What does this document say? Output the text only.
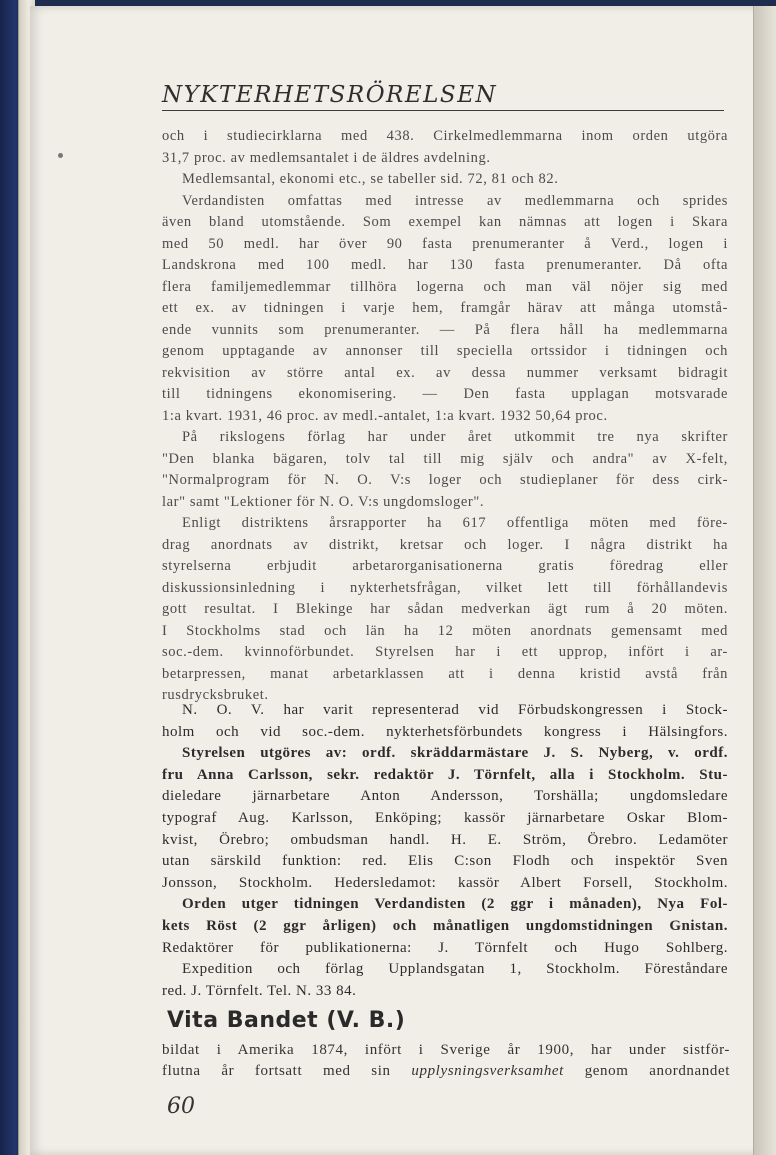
NYKTERHETSRÖRELSEN

och i studiecirklarna med 438. Cirkelmedlemmarna inom orden utgöra

31,7 proc. av medlemsantalet i de äldres avdelning.

Medlemsantal, ekonomi etc., se tabeller sid. 72, 81 och 82.

Verdandisten omfattas med intresse av medlemmarna och sprides

även bland utomstående. Som exempel kan nämnas att logen i Skara

med 50 medl. har över 90 fasta prenumeranter å Verd., logen i

Landskrona med 100 medl. har 130 fasta prenumeranter. Då ofta

flera familjemedlemmar tillhöra logerna och man väl nöjer sig med

ett ex. av tidningen i varje hem, framgår härav att många utomstå-

ende vunnits som prenumeranter. — På flera håll ha medlemmarna

genom upptagande av annonser till speciella ortssidor i tidningen och

rekvisition av större antal ex. av dessa nummer verksamt bidragit

till tidningens ekonomisering. — Den fasta upplagan motsvarade

1:a kvart. 1931, 46 proc. av medl.-antalet, 1:a kvart. 1932 50,64 proc.

På rikslogens förlag har under året utkommit tre nya skrifter

"Den blanka bägaren, tolv tal till mig själv och andra" av X-felt,

"Normalprogram för N. O. V:s loger och studieplaner för dess cirk-

lar" samt "Lektioner för N. O. V:s ungdomsloger".

Enligt distriktens årsrapporter ha 617 offentliga möten med före-

drag anordnats av distrikt, kretsar och loger. I några distrikt ha

styrelserna erbjudit arbetarorganisationerna gratis föredrag eller

diskussionsinledning i nykterhetsfrågan, vilket lett till förhållandevis

gott resultat. I Blekinge har sådan medverkan ägt rum å 20 möten.

I Stockholms stad och län ha 12 möten anordnats gemensamt med

soc.-dem. kvinnoförbundet. Styrelsen har i ett upprop, infört i ar-

betarpressen, manat arbetarklassen att i denna kristid avstå från

rusdrycksbruket.

N. O. V. har varit representerad vid Förbudskongressen i Stock-

holm och vid soc.-dem. nykterhetsförbundets kongress i Hälsingfors.

Styrelsen utgöres av: ordf. skräddarmästare J. S. Nyberg, v. ordf.

fru Anna Carlsson, sekr. redaktör J. Törnfelt, alla i Stockholm. Stu-

dieledare järnarbetare Anton Andersson, Torshälla; ungdomsledare

typograf Aug. Karlsson, Enköping; kassör järnarbetare Oskar Blom-

kvist, Örebro; ombudsman handl. H. E. Ström, Örebro. Ledamöter

utan särskild funktion: red. Elis C:son Flodh och inspektör Sven

Jonsson, Stockholm. Hedersledamot: kassör Albert Forsell, Stockholm.

Orden utger tidningen Verdandisten (2 ggr i månaden), Nya Fol-

kets Röst (2 ggr årligen) och månatligen ungdomstidningen Gnistan.

Redaktörer för publikationerna: J. Törnfelt och Hugo Sohlberg.

Expedition och förlag Upplandsgatan 1, Stockholm. Föreståndare

red. J. Törnfelt. Tel. N. 33 84.

Vita Bandet (V. B.)

bildat i Amerika 1874, infört i Sverige år 1900, har under sistför-

flutna år fortsatt med sin upplysningsverksamhet genom anordnandet

60
